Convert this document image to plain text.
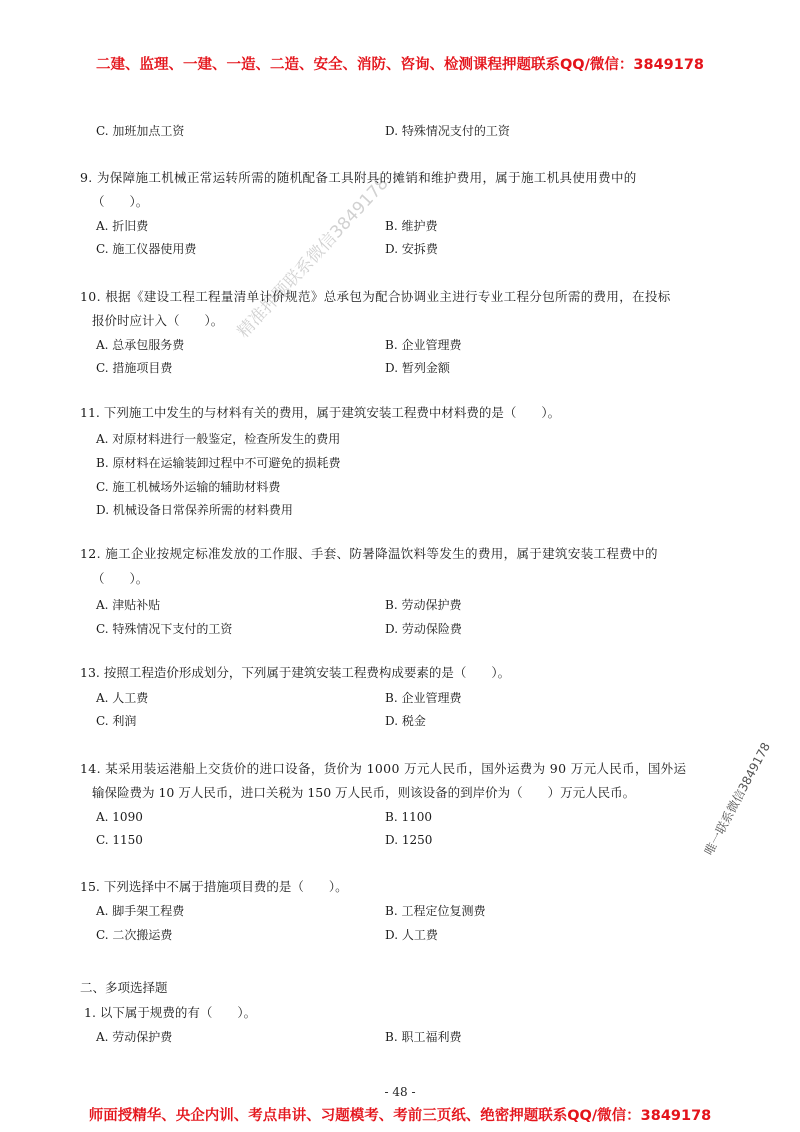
二建、监理、一建、一造、二造、安全、消防、咨询、检测课程押题联系QQ/微信：3849178
精准押题联系微信3849178
唯一联系微信3849178
C. 加班加点工资	D. 特殊情况支付的工资
9. 为保障施工机械正常运转所需的随机配备工具附具的摊销和维护费用，属于施工机具使用费中的
（　　）。
A. 折旧费	B. 维护费
C. 施工仪器使用费	D. 安拆费
10. 根据《建设工程工程量清单计价规范》总承包为配合协调业主进行专业工程分包所需的费用，在投标
报价时应计入（　　）。
A. 总承包服务费	B. 企业管理费
C. 措施项目费	D. 暂列金额
11. 下列施工中发生的与材料有关的费用，属于建筑安装工程费中材料费的是（　　）。
A. 对原材料进行一般鉴定，检查所发生的费用
B. 原材料在运输装卸过程中不可避免的损耗费
C. 施工机械场外运输的辅助材料费
D. 机械设备日常保养所需的材料费用
12. 施工企业按规定标准发放的工作服、手套、防暑降温饮料等发生的费用，属于建筑安装工程费中的
（　　）。
A. 津贴补贴	B. 劳动保护费
C. 特殊情况下支付的工资	D. 劳动保险费
13. 按照工程造价形成划分，下列属于建筑安装工程费构成要素的是（　　）。
A. 人工费	B. 企业管理费
C. 利润	D. 税金
14. 某采用装运港船上交货价的进口设备，货价为 1000 万元人民币，国外运费为 90 万元人民币，国外运
输保险费为 10 万人民币，进口关税为 150 万人民币，则该设备的到岸价为（　　）万元人民币。
A. 1090	B. 1100
C. 1150	D. 1250
15. 下列选择中不属于措施项目费的是（　　）。
A. 脚手架工程费	B. 工程定位复测费
C. 二次搬运费	D. 人工费
二、多项选择题
1. 以下属于规费的有（　　）。
A. 劳动保护费	B. 职工福利费
- 48 -
师面授精华、央企内训、考点串讲、习题模考、考前三页纸、绝密押题联系QQ/微信：3849178
